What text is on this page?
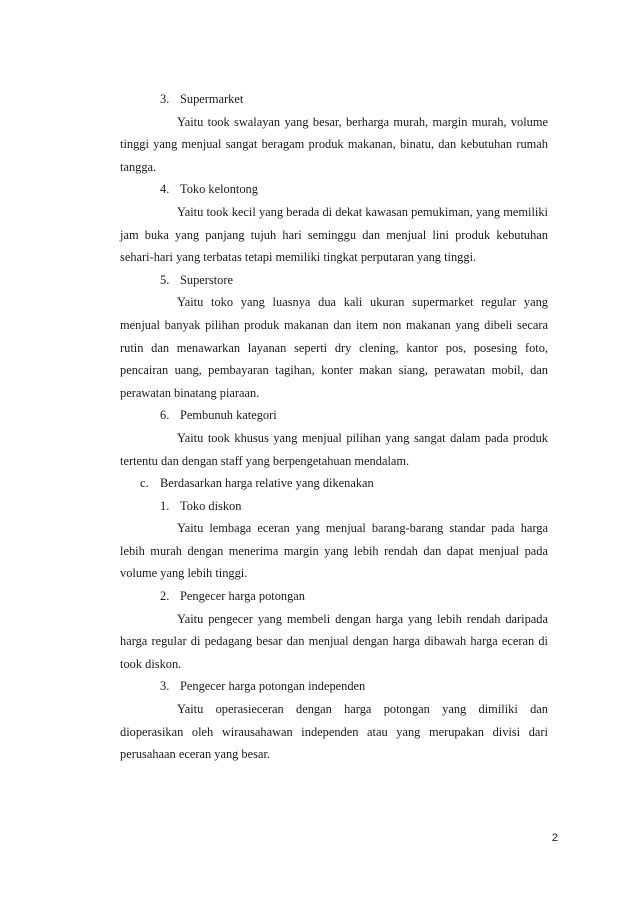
3. Supermarket

Yaitu took swalayan yang besar, berharga murah, margin murah, volume tinggi yang menjual sangat beragam produk makanan, binatu, dan kebutuhan rumah tangga.

4. Toko kelontong

Yaitu took kecil yang berada di dekat kawasan pemukiman, yang memiliki jam buka yang panjang tujuh hari seminggu dan menjual lini produk kebutuhan sehari-hari yang terbatas tetapi memiliki tingkat perputaran yang tinggi.

5. Superstore

Yaitu toko yang luasnya dua kali ukuran supermarket regular yang menjual banyak pilihan produk makanan dan item non makanan yang dibeli secara rutin dan menawarkan layanan seperti dry clening, kantor pos, posesing foto, pencairan uang, pembayaran tagihan, konter makan siang, perawatan mobil, dan perawatan binatang piaraan.

6. Pembunuh kategori

Yaitu took khusus yang menjual pilihan yang sangat dalam pada produk tertentu dan dengan staff yang berpengetahuan mendalam.

c. Berdasarkan harga relative yang dikenakan

1. Toko diskon

Yaitu lembaga eceran yang menjual barang-barang standar pada harga lebih murah dengan menerima margin yang lebih rendah dan dapat menjual pada volume yang lebih tinggi.

2. Pengecer harga potongan

Yaitu pengecer yang membeli dengan harga yang lebih rendah daripada harga regular di pedagang besar dan menjual dengan harga dibawah harga eceran di took diskon.

3. Pengecer harga potongan independen

Yaitu operasieceran dengan harga potongan yang dimiliki dan dioperasikan oleh wirausahawan independen atau yang merupakan divisi dari perusahaan eceran yang besar.

2
